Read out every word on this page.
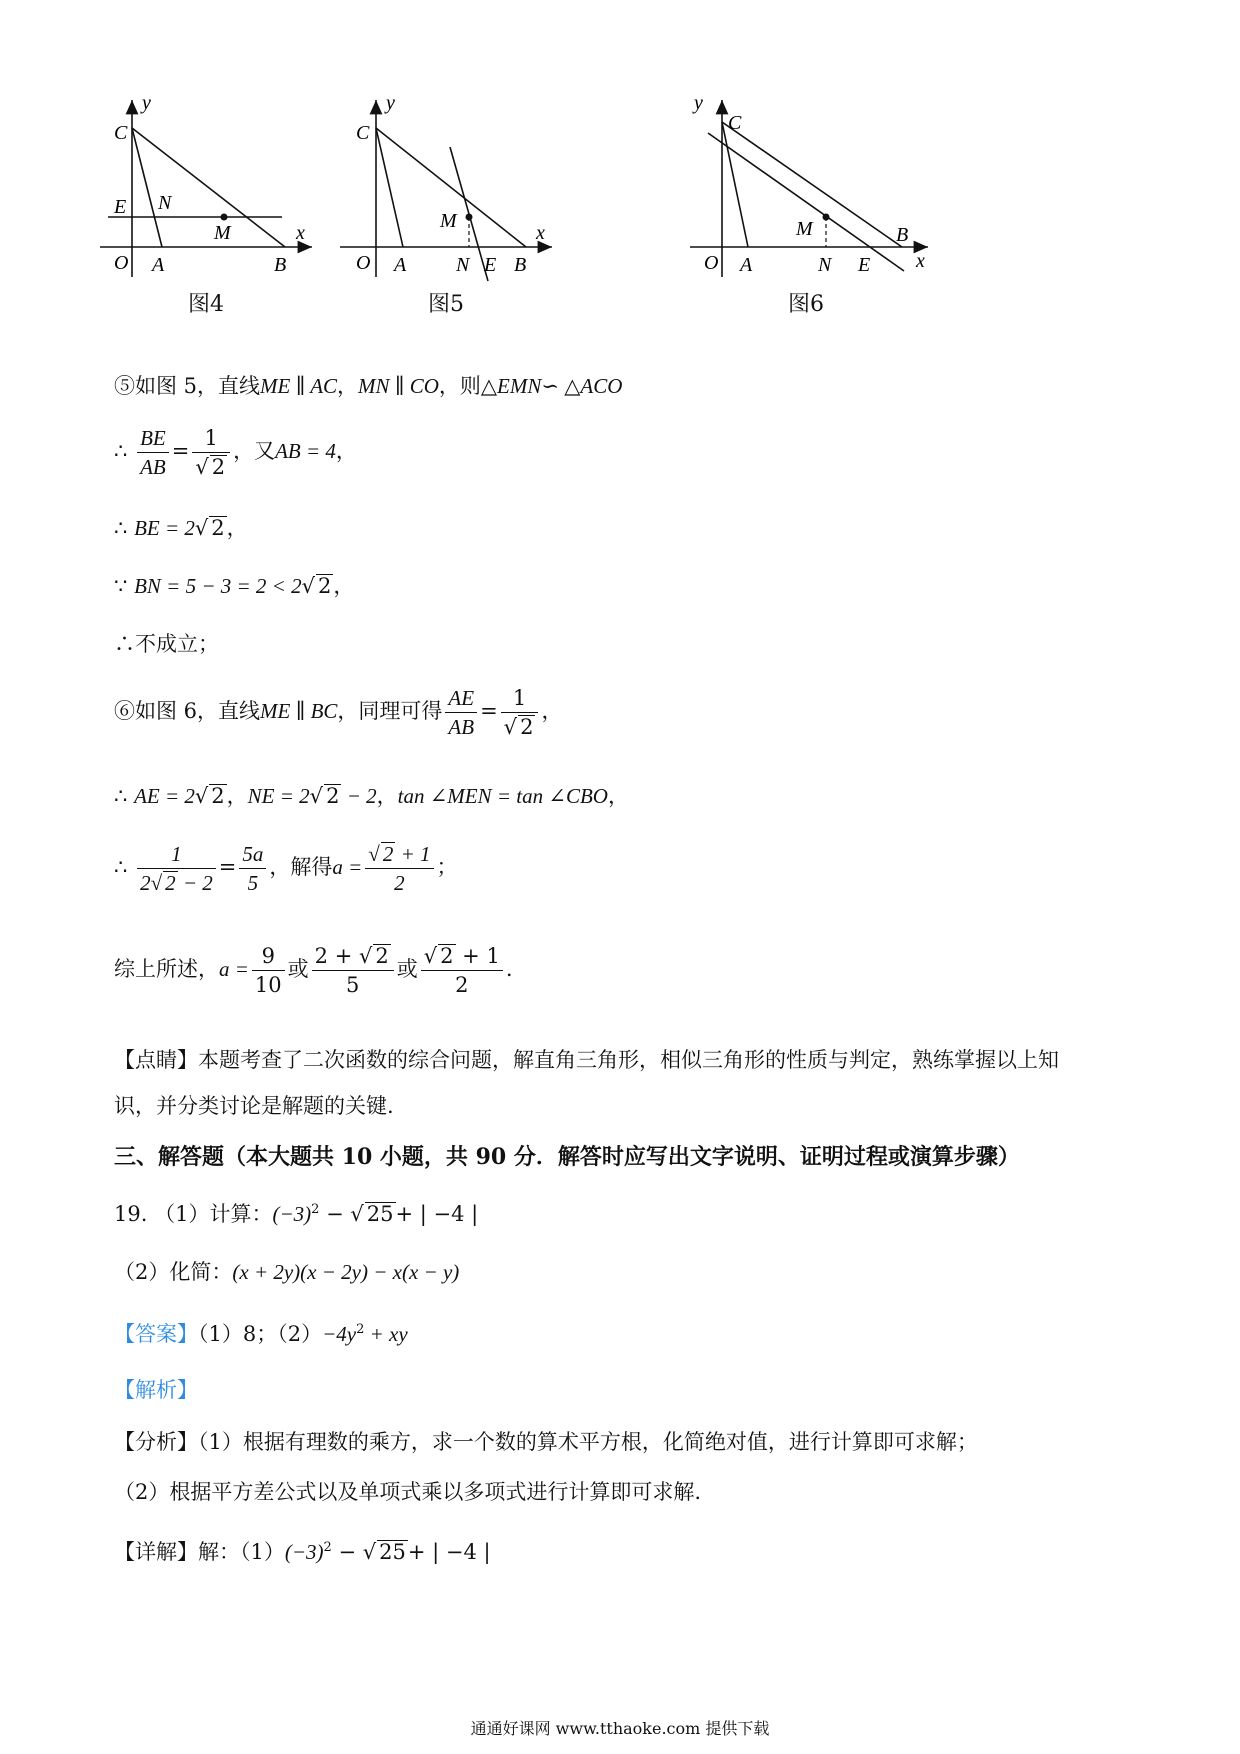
y
C
E N
M	x
O A	B
图4
y
C
M
x
O A N E B
图5
y
C
M	B
x
O A	N E
图6
⑤如图 5，直线ME ∥ AC，MN ∥ CO，则△EMN∽ △ACO
∴ $\frac{BE}{AB} = \frac{1}{√ 2}$ ，又AB = 4，
∴ BE = 2√ 2，
∵ BN = 5 − 3 = 2 < 2√ 2，
∴不成立；
⑥如图 6，直线ME ∥ BC，同理可得 $\frac{AE}{AB} = \frac{1}{√ 2}$ ，
∴ AE = 2√ 2，NE = 2√ 2 − 2，tan ∠MEN = tan ∠CBO，
∴ $\frac{1}{2√ 2 - 2} = \frac{5a}{5}$ ，解得$a = \frac{√ 2 + 1}{2}$ ；
综上所述，$a = \frac{9}{10}$ 或 $\frac{2 + √ 2}{5}$ 或 $\frac{√ 2 + 1}{2}$ .
【点睛】本题考查了二次函数的综合问题，解直角三角形，相似三角形的性质与判定，熟练掌握以上知
识，并分类讨论是解题的关键.
三、解答题（本大题共 10 小题，共 90 分．解答时应写出文字说明、证明过程或演算步骤）
19. （1）计算：$(-3)^2$ − √ 25+ | −4 |
（2）化简：(x + 2y)(x − 2y) − x(x − y)
【答案】（1）8；$(2)-4y^2$ + xy
【解析】
【分析】（1）根据有理数的乘方，求一个数的算术平方根，化简绝对值，进行计算即可求解；
（2）根据平方差公式以及单项式乘以多项式进行计算即可求解.
【详解】解：$(1)(-3)^2$ − √ 25+ | −4 |
通通好课网 www.tthaoke.com 提供下载
